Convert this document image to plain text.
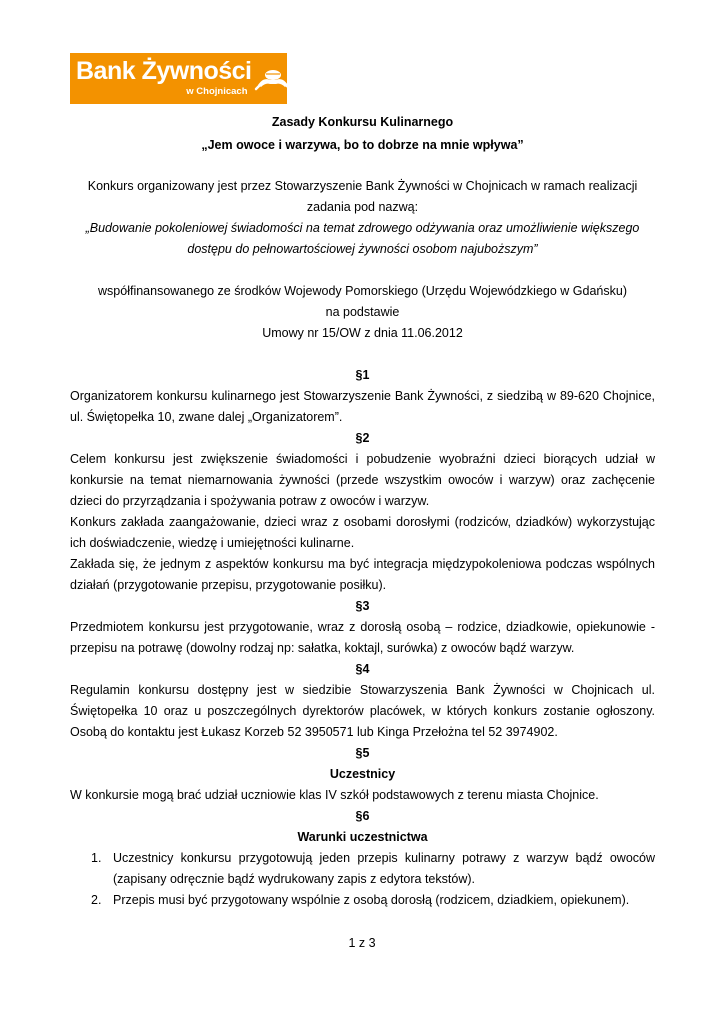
Bank Żywności
w Chojnicach
Zasady Konkursu Kulinarnego
„Jem owoce i warzywa, bo to dobrze na mnie wpływa”
Konkurs organizowany jest przez Stowarzyszenie Bank Żywności w Chojnicach w ramach realizacji zadania pod nazwą:
„Budowanie pokoleniowej świadomości na temat zdrowego odżywania oraz umożliwienie większego dostępu do pełnowartościowej żywności osobom najuboższym”
współfinansowanego ze środków Wojewody Pomorskiego (Urzędu Wojewódzkiego w Gdańsku)
na podstawie
Umowy nr 15/OW z dnia 11.06.2012
§1
Organizatorem konkursu kulinarnego jest Stowarzyszenie Bank Żywności, z siedzibą w 89-620 Chojnice, ul. Świętopełka 10, zwane dalej „Organizatorem”.
§2
Celem konkursu jest zwiększenie świadomości i pobudzenie wyobraźni dzieci biorących udział w konkursie na temat niemarnowania żywności (przede wszystkim owoców i warzyw) oraz zachęcenie dzieci do przyrządzania i spożywania potraw z owoców i warzyw.
Konkurs zakłada zaangażowanie, dzieci wraz z osobami dorosłymi (rodziców, dziadków) wykorzystując ich doświadczenie, wiedzę i umiejętności kulinarne.
Zakłada się, że jednym z aspektów konkursu ma być integracja międzypokoleniowa podczas wspólnych działań (przygotowanie przepisu, przygotowanie posiłku).
§3
Przedmiotem konkursu jest przygotowanie, wraz z dorosłą osobą – rodzice, dziadkowie, opiekunowie - przepisu na potrawę (dowolny rodzaj np: sałatka, koktajl, surówka) z owoców bądź warzyw.
§4
Regulamin konkursu dostępny jest w siedzibie Stowarzyszenia Bank Żywności w Chojnicach ul. Świętopełka 10 oraz u poszczególnych dyrektorów placówek, w których konkurs zostanie ogłoszony. Osobą do kontaktu jest Łukasz Korzeb 52 3950571 lub Kinga Przełożna tel 52 3974902.
§5
Uczestnicy
W konkursie mogą brać udział uczniowie klas IV szkół podstawowych z terenu miasta Chojnice.
§6
Warunki uczestnictwa
1. Uczestnicy konkursu przygotowują jeden przepis kulinarny potrawy z warzyw bądź owoców (zapisany odręcznie bądź wydrukowany zapis z edytora tekstów).
2. Przepis musi być przygotowany wspólnie z osobą dorosłą (rodzicem, dziadkiem, opiekunem).
1 z 3
